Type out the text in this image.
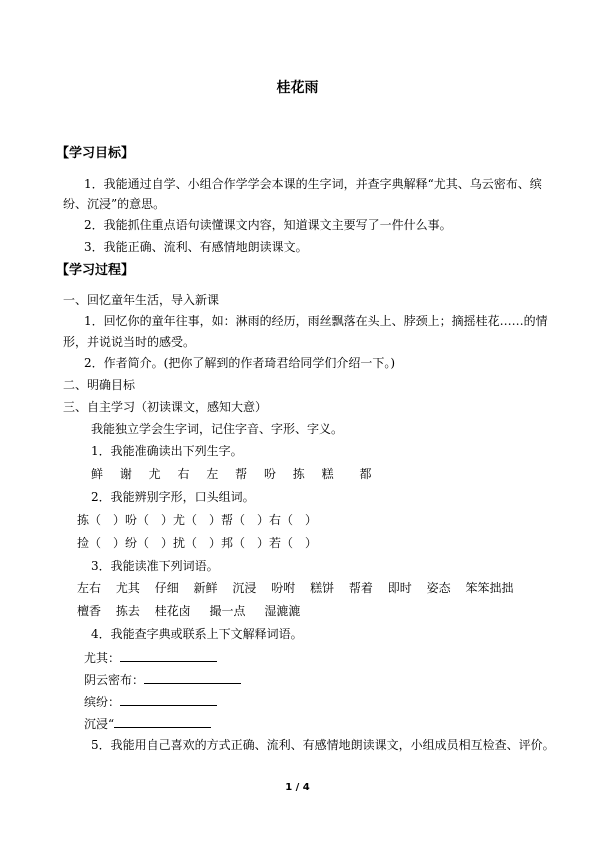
桂花雨
【学习目标】
1．我能通过自学、小组合作学学会本课的生字词，并查字典解释“尤其、乌云密布、缤
纷、沉浸”的意思。
2．我能抓住重点语句读懂课文内容，知道课文主要写了一件什么事。
3．我能正确、流利、有感情地朗读课文。
【学习过程】
一、回忆童年生活，导入新课
1．回忆你的童年往事，如：淋雨的经历，雨丝飘落在头上、脖颈上；摘摇桂花……的情
形，并说说当时的感受。
2．作者简介。(把你了解到的作者琦君给同学们介绍一下。)
二、明确目标
三、自主学习（初读课文，感知大意）
我能独立学会生字词，记住字音、字形、字义。
1．我能准确读出下列生字。
鲜 谢 尤 右 左 帮 吩 拣 糕 都
2．我能辨别字形，口头组词。
拣（　）吩（　）尤（　）帮（　）右（　）
捡（　）纷（　）扰（　）邦（　）若（　）
3．我能读准下列词语。
左右 尤其 仔细 新鲜 沉浸 吩咐 糕饼 帮着 即时 姿态 笨笨拙拙
檀香 拣去 桂花卤 撮一点 湿漉漉
4．我能查字典或联系上下文解释词语。
尤其：
阴云密布：
缤纷：
沉浸“
5．我能用自己喜欢的方式正确、流利、有感情地朗读课文，小组成员相互检查、评价。
1 / 4
